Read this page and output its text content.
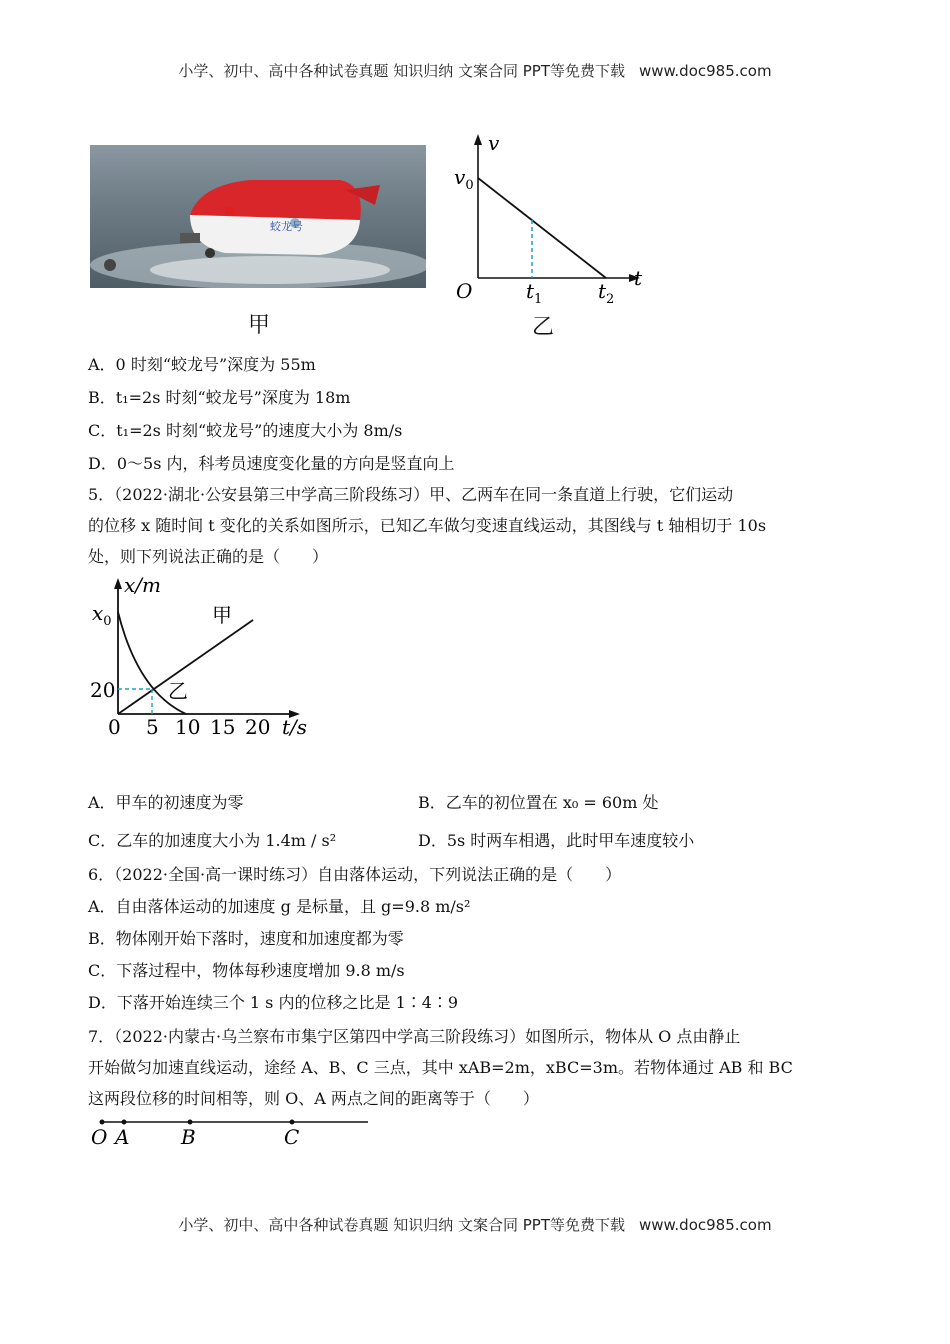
小学、初中、高中各种试卷真题 知识归纳 文案合同 PPT等免费下载 www.doc985.com
蛟龙号
甲
v
t
O
$v_0$
$t_1$	$t_2$
乙
A．0 时刻“蛟龙号”深度为 55m
B．t₁=2s 时刻“蛟龙号”深度为 18m
C．t₁=2s 时刻“蛟龙号”的速度大小为 8m/s
D．0～5s 内，科考员速度变化量的方向是竖直向上
5．（2022·湖北·公安县第三中学高三阶段练习）甲、乙两车在同一条直道上行驶，它们运动
的位移 x 随时间 t 变化的关系如图所示，已知乙车做匀变速直线运动，其图线与 t 轴相切于 10s
处，则下列说法正确的是（　　）
x/m
t/s
$x_0$
20
0 5 10 15 20
甲
乙
A．甲车的初速度为零	B．乙车的初位置在 x₀ = 60m 处
C．乙车的加速度大小为 1.4m / s²	D．5s 时两车相遇，此时甲车速度较小
6．（2022·全国·高一课时练习）自由落体运动，下列说法正确的是（　　）
A．自由落体运动的加速度 g 是标量，且 g=9.8 m/s²
B．物体刚开始下落时，速度和加速度都为零
C．下落过程中，物体每秒速度增加 9.8 m/s
D．下落开始连续三个 1 s 内的位移之比是 1∶4∶9
7．（2022·内蒙古·乌兰察布市集宁区第四中学高三阶段练习）如图所示，物体从 O 点由静止
开始做匀加速直线运动，途经 A、B、C 三点，其中 xAB=2m，xBC=3m。若物体通过 AB 和 BC
这两段位移的时间相等，则 O、A 两点之间的距离等于（　　）
O A	B	C
小学、初中、高中各种试卷真题 知识归纳 文案合同 PPT等免费下载 www.doc985.com
